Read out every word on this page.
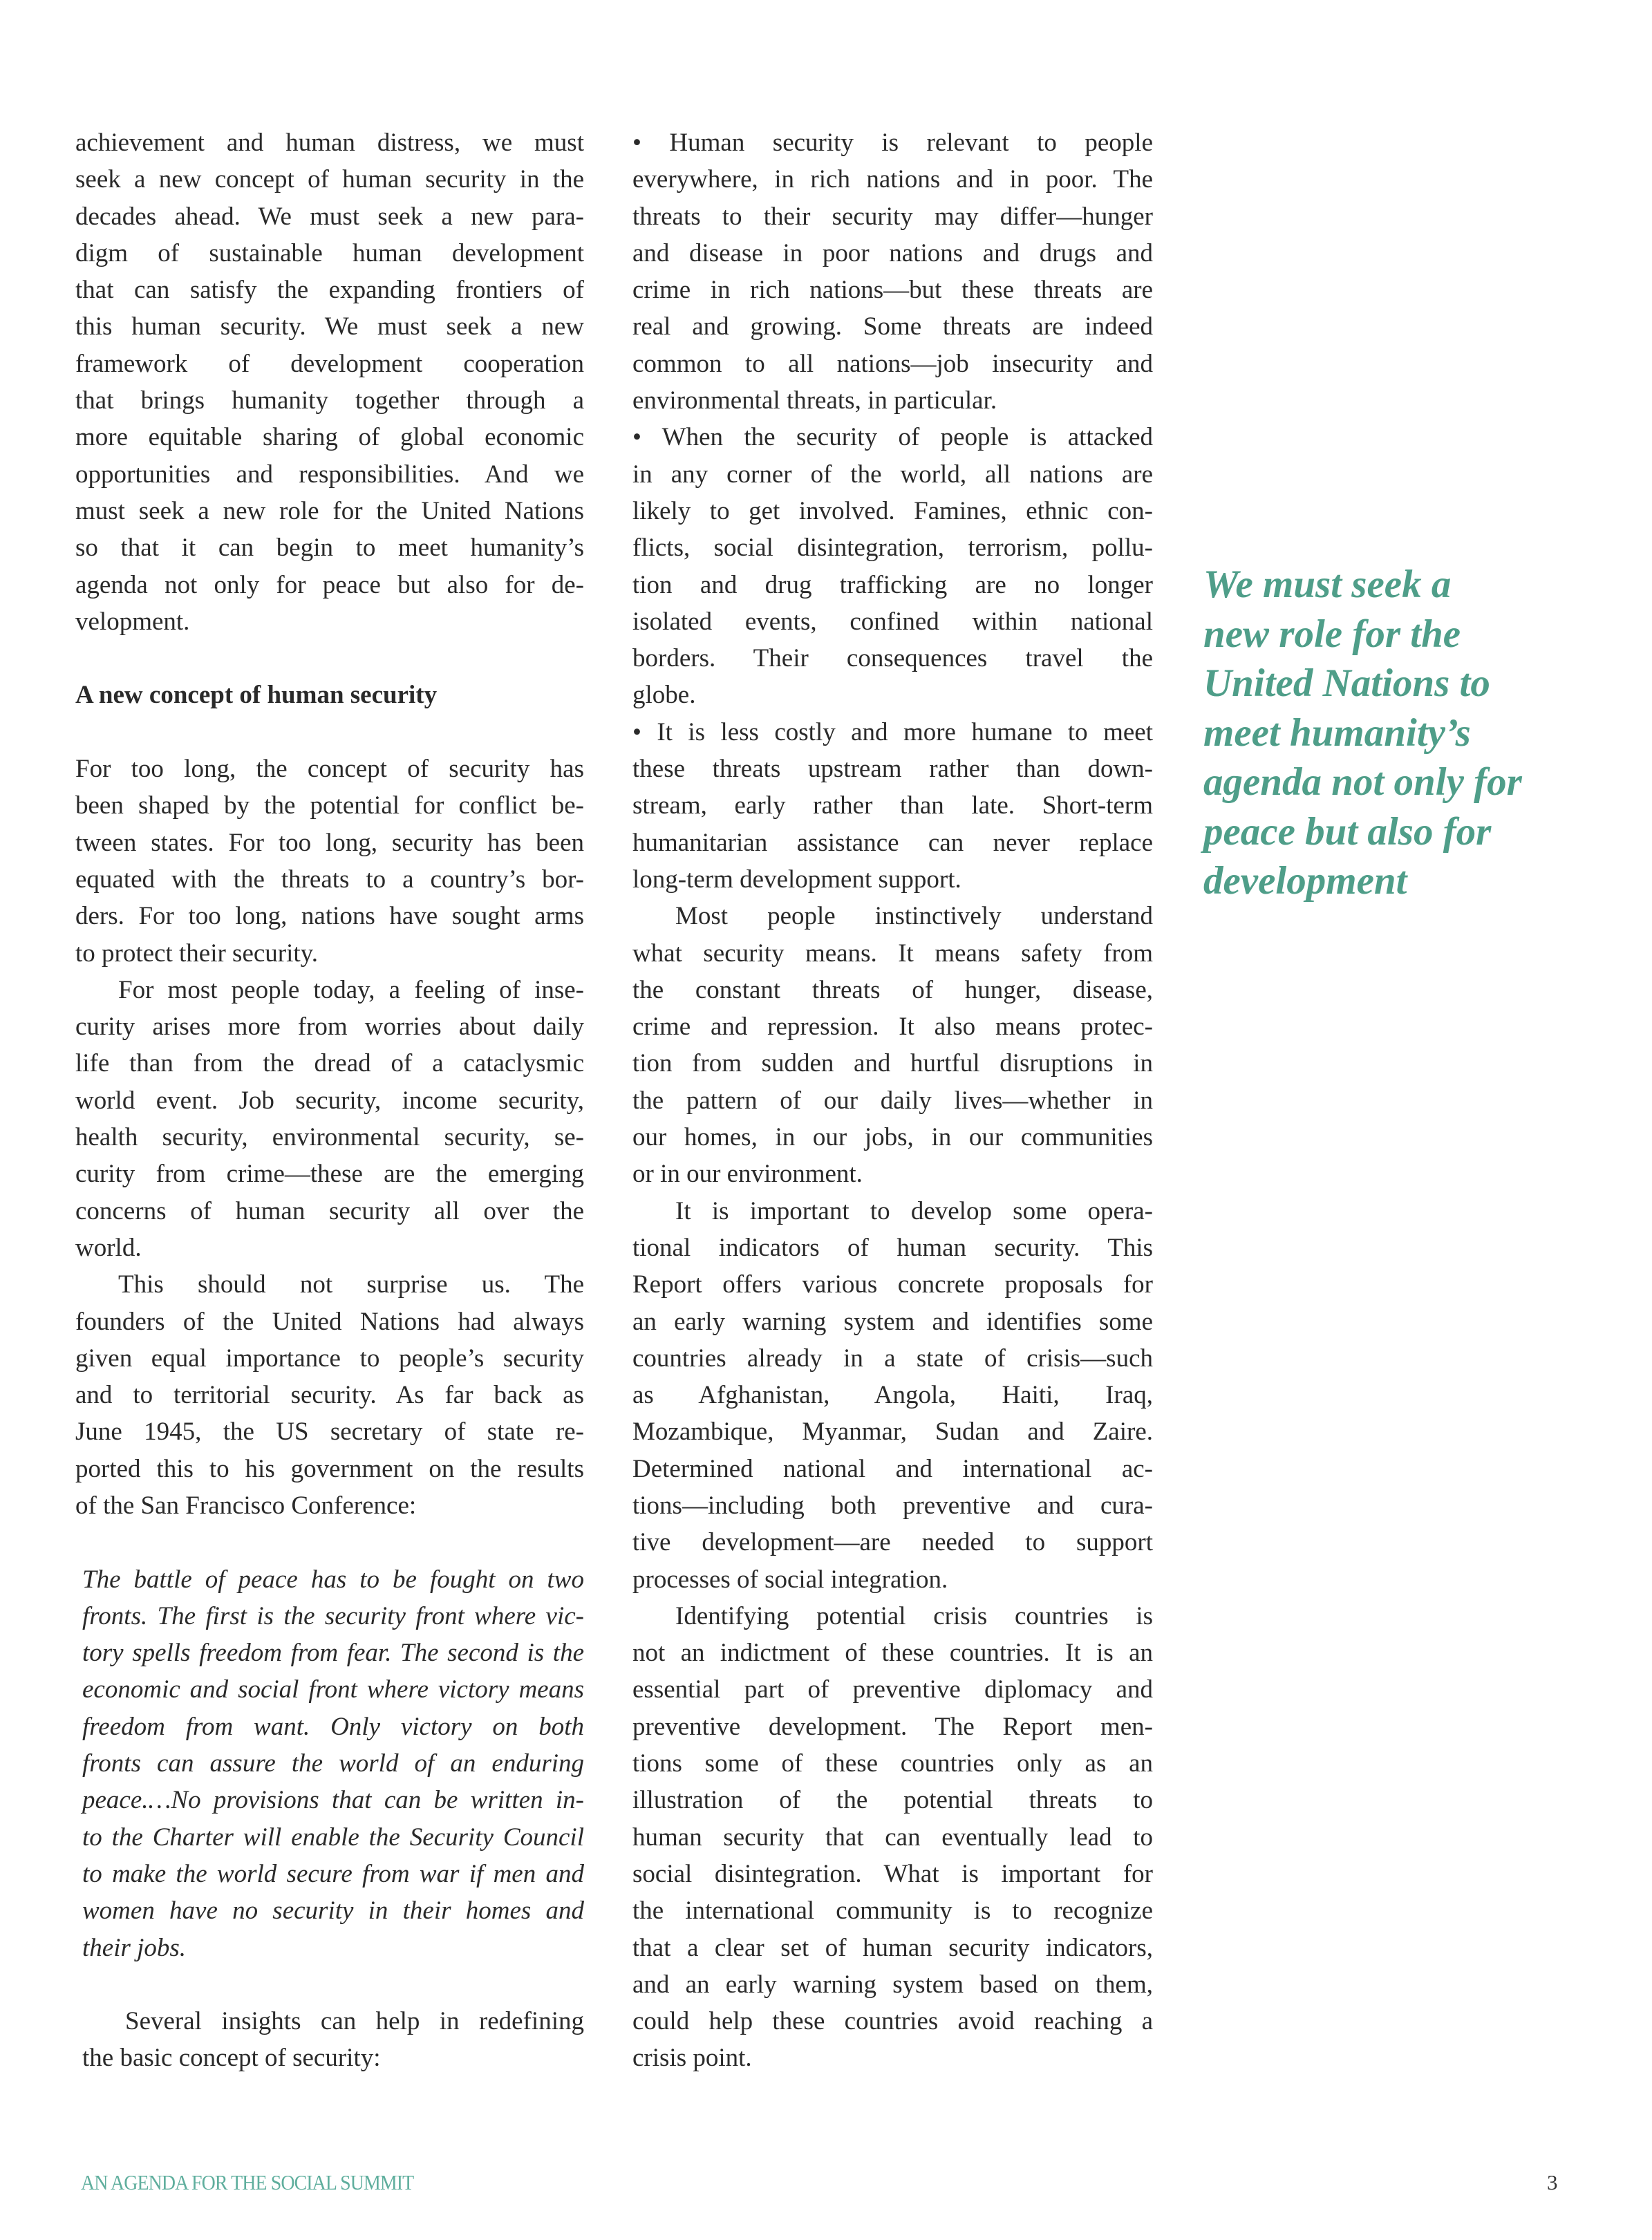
achievement and human distress, we must
seek a new concept of human security in the
decades ahead. We must seek a new para-
digm of sustainable human development
that can satisfy the expanding frontiers of
this human security. We must seek a new
framework of development cooperation
that brings humanity together through a
more equitable sharing of global economic
opportunities and responsibilities. And we
must seek a new role for the United Nations
so that it can begin to meet humanity’s
agenda not only for peace but also for de-
velopment.
A new concept of human security
For too long, the concept of security has
been shaped by the potential for conflict be-
tween states. For too long, security has been
equated with the threats to a country’s bor-
ders. For too long, nations have sought arms
to protect their security.
For most people today, a feeling of inse-
curity arises more from worries about daily
life than from the dread of a cataclysmic
world event. Job security, income security,
health security, environmental security, se-
curity from crime—these are the emerging
concerns of human security all over the
world.
This should not surprise us. The
founders of the United Nations had always
given equal importance to people’s security
and to territorial security. As far back as
June 1945, the US secretary of state re-
ported this to his government on the results
of the San Francisco Conference:
The battle of peace has to be fought on two
fronts. The first is the security front where vic-
tory spells freedom from fear. The second is the
economic and social front where victory means
freedom from want. Only victory on both
fronts can assure the world of an enduring
peace.…No provisions that can be written in-
to the Charter will enable the Security Council
to make the world secure from war if men and
women have no security in their homes and
their jobs.
Several insights can help in redefining
the basic concept of security:
• Human security is relevant to people
everywhere, in rich nations and in poor. The
threats to their security may differ—hunger
and disease in poor nations and drugs and
crime in rich nations—but these threats are
real and growing. Some threats are indeed
common to all nations—job insecurity and
environmental threats, in particular.
• When the security of people is attacked
in any corner of the world, all nations are
likely to get involved. Famines, ethnic con-
flicts, social disintegration, terrorism, pollu-
tion and drug trafficking are no longer
isolated events, confined within national
borders. Their consequences travel the
globe.
• It is less costly and more humane to meet
these threats upstream rather than down-
stream, early rather than late. Short-term
humanitarian assistance can never replace
long-term development support.
Most people instinctively understand
what security means. It means safety from
the constant threats of hunger, disease,
crime and repression. It also means protec-
tion from sudden and hurtful disruptions in
the pattern of our daily lives—whether in
our homes, in our jobs, in our communities
or in our environment.
It is important to develop some opera-
tional indicators of human security. This
Report offers various concrete proposals for
an early warning system and identifies some
countries already in a state of crisis—such
as Afghanistan, Angola, Haiti, Iraq,
Mozambique, Myanmar, Sudan and Zaire.
Determined national and international ac-
tions—including both preventive and cura-
tive development—are needed to support
processes of social integration.
Identifying potential crisis countries is
not an indictment of these countries. It is an
essential part of preventive diplomacy and
preventive development. The Report men-
tions some of these countries only as an
illustration of the potential threats to
human security that can eventually lead to
social disintegration. What is important for
the international community is to recognize
that a clear set of human security indicators,
and an early warning system based on them,
could help these countries avoid reaching a
crisis point.
We must seek a
new role for the
United Nations to
meet humanity’s
agenda not only for
peace but also for
development
AN AGENDA FOR THE SOCIAL SUMMIT	3
